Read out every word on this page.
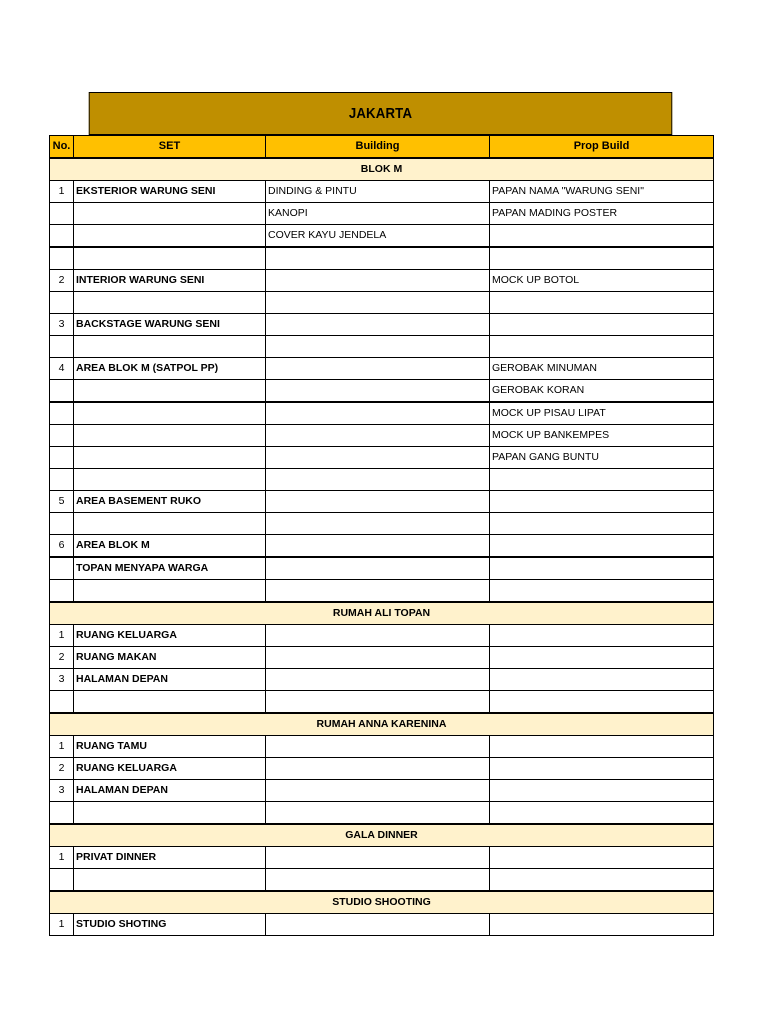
JAKARTA
No.	SET	Building	Prop Build
BLOK M			
1	EKSTERIOR WARUNG SENI	DINDING & PINTU	PAPAN NAMA "WARUNG SENI"
		KANOPI	PAPAN MADING POSTER
		COVER KAYU JENDELA	

2	INTERIOR WARUNG SENI		MOCK UP BOTOL

3	BACKSTAGE WARUNG SENI		

4	AREA BLOK M (SATPOL PP)		GEROBAK MINUMAN
			GEROBAK KORAN
			MOCK UP PISAU LIPAT
			MOCK UP BANKEMPES
			PAPAN GANG BUNTU

5	AREA BASEMENT RUKO		

6	AREA BLOK M		
	TOPAN MENYAPA WARGA		

RUMAH ALI TOPAN			
1	RUANG KELUARGA		
2	RUANG MAKAN		
3	HALAMAN DEPAN		

RUMAH ANNA KARENINA			
1	RUANG TAMU		
2	RUANG KELUARGA		
3	HALAMAN DEPAN		

GALA DINNER			
1	PRIVAT DINNER		

STUDIO SHOOTING			
1	STUDIO SHOTING		
